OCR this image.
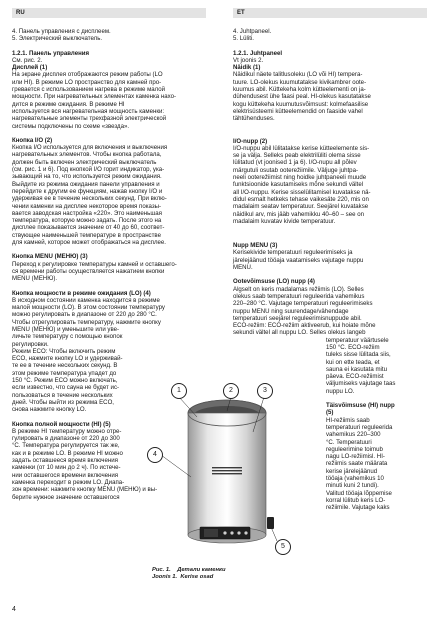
RU	ET

4. Панель управления с дисплеем.

5. Электрический выключатель.

1.2.1. Панель управления

См. рис. 2.

Дисплей (1)

На экране дисплея отображаются режим работы (LO

или HI). В режиме LO пространство для камней про-

гревается с использованием нагрева в режиме малой

мощности. При нагревательных элементах каменка нахо-

дится в режиме ожидания. В режиме HI

используется вся нагревательная мощность каменки:

нагревательные элементы трехфазной электрической

системы подключены по схеме «звезда».

Кнопка I/O (2)

Кнопка I/O используется для включения и выключения

нагревательных элементов. Чтобы кнопка работала,

должен быть включен электрический выключатель

(см. рис. 1 и 6). Под кнопкой I/O горит индикатор, ука-

зывающий на то, что используется режим ожидания.

Выйдите из режима ожидания панели управления и

перейдите к другим ее функциям, нажав кнопку I/O и

удерживая ее в течение нескольких секунд. При вклю-

чении каменки на дисплее некоторое время показы-

вается заводская настройка «220». Это наименьшая

температура, которую можно задать. После этого на

дисплее показывается значение от 40 до 60, соответ-

ствующее наименьшей температуре в пространстве

для камней, которое может отображаться на дисплее.

Кнопка MENU (МЕНЮ) (3)

Переход к регулировке температуры камней и оставшего-

ся времени работы осуществляется нажатием кнопки

MENU (МЕНЮ).

Кнопка мощности в режиме ожидания (LO) (4)

В исходном состоянии каменка находится в режиме

малой мощности (LO). В этом состоянии температуру

можно регулировать в диапазоне от 220 до 280 °C.

Чтобы отрегулировать температуру, нажмите кнопку

MENU (МЕНЮ) и уменьшите или уве-

личьте температуру с помощью кнопок

регулировки.

Режим ECO: Чтобы включить режим

ECO, нажмите кнопку LO и удерживай-

те ее в течение нескольких секунд. В

этом режиме температура упадет до

150 °C. Режим ECO можно включать,

если известно, что сауна не будет ис-

пользоваться в течение нескольких

дней. Чтобы выйти из режима ECO,

снова нажмите кнопку LO.

Кнопка полной мощности (HI) (5)

В режиме HI температуру можно отре-

гулировать в диапазоне от 220 до 300

°C. Температура регулируется так же,

как и в режиме LO. В режиме HI можно

задать оставшееся время включения

каменки (от 10 мин до 2 ч). По истече-

нии оставшегося времени включения

каменка переходит в режим LO. Диапа-

зон времени: нажмите кнопку MENU (МЕНЮ) и вы-

берите нужное значение оставшегося

4. Juhtpaneel.

5. Lüliti.

1.2.1. Juhtpaneel

Vt joonis 2.

Näidik (1)

Näidikul näete talitlusoleku (LO või HI) tempera-

tuure. LO-olekus kuumutatakse kivikambrer oote-

kuumus abil. Küttekeha kolm kütteelementi on ja-

dühendusest ühe faasi peal. HI-olekus kasutatakse

kogu küttekeha kuumutusvõimsust: kolmefaasilise

elektrisüsteemi kütteelemendid on faaside vahel

tähtühenduses.

I/O-nupp (2)

I/O-nuppu abil lülitatakse kerise kütteelemente sis-

se ja välja. Selleks peab elektrilüliti olema sisse

lülitatud (vt joonised 1 ja 6). I/O-nupu all põlev

märgutuli osutab ooterežiimile. Väljuge juhtpa-

neeli ooterežiimist ning hoidke juhtpaneeli muude

funktsioonide kasutamiseks mõne sekundi vältel

all I/O-nuppu. Kerise sisselülitamisel kuvatakse nä-

didul esmalt hetkeks tehase vaikesäte 220, mis on

madalaim seatav temperatuur. Seejärel kuvatakse

näidikul arv, mis jääb vahemikku 40–60 – see on

madalaim kuvatav kivide temperatuur.

Nupp MENU (3)

Kerisekivide temperatuuri reguleerimiseks ja

järelejäänud tööaja vaatamiseks vajutage nuppu

MENU.

Ootevõimsuse (LO) nupp (4)

Algselt on keris madalamas režiimis (LO). Selles

olekus saab temperatuuri reguleerida vahemikus

220–280 °C. Vajutage temperatuuri reguleerimiseks

nuppu MENU ning suurendage/vähendage

temperatuuri seejärel reguleerimisnuppude abil.

ECO-režiim: ECO-režiim aktiveerub, kui hoiate mõne

sekundi vältel all nuppu LO. Selles olekus langeb

temperatuur väärtusele

150 °C. ECO-režiim

tuleks sisse lülitada siis,

kui on ette teada, et

sauna ei kasutata mitu

päeva. ECO-režiimist

väljumiseks vajutage taas

nuppu LO.

Täisvõimsuse (HI) nupp

(5)

HI-režiimis saab

temperatuuri reguleerida

vahemikus 220–300

°C. Temperatuuri

reguleerimine toimub

nagu LO-režiimisl. HI-

režiimis saate määrata

kerise järelejäänud

tööaja (vahemikus 10

minuti kuni 2 tundi).

Valitud tööaja lõppemise

korral lülitub keris LO-

režiimile. Vajutage kaks

1	2	3
4
5
Рис. 1. Детали каменки
Joonis 1. Kerise osad
4
